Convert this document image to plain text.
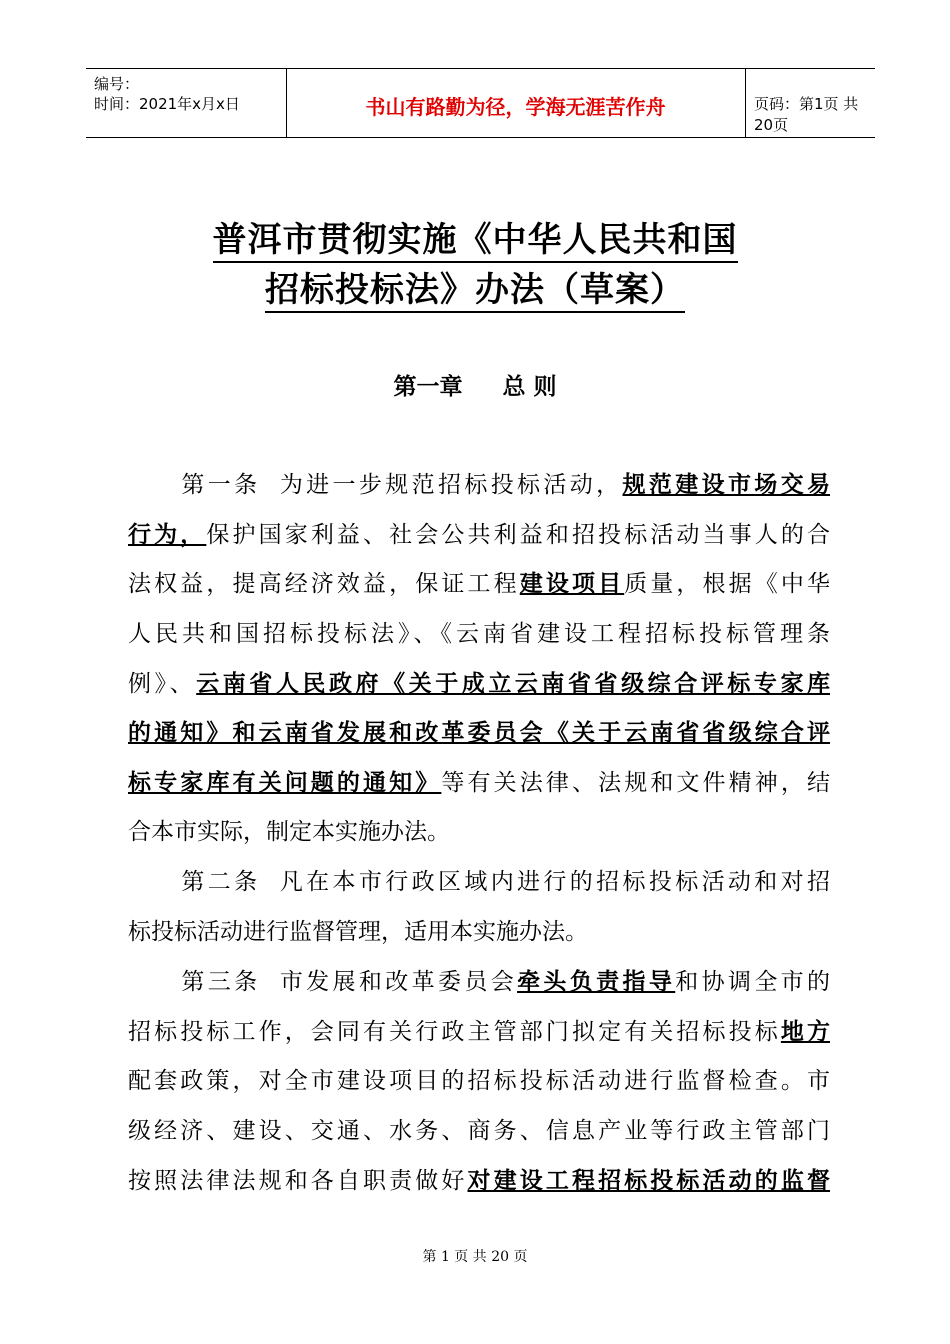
编号：
时间：2021年x月x日	书山有路勤为径，学海无涯苦作舟	页码：第1页 共20页
普洱市贯彻实施《中华人民共和国
招标投标法》办法（草案）
第一章 总 则
第一条 为进一步规范招标投标活动，规范建设市场交易
行为，保护国家利益、社会公共利益和招投标活动当事人的合
法权益，提高经济效益，保证工程建设项目质量，根据《中华
人民共和国招标投标法》、《云南省建设工程招标投标管理条
例》、云南省人民政府《关于成立云南省省级综合评标专家库
的通知》和云南省发展和改革委员会《关于云南省省级综合评
标专家库有关问题的通知》等有关法律、法规和文件精神，结
合本市实际，制定本实施办法。
第二条 凡在本市行政区域内进行的招标投标活动和对招
标投标活动进行监督管理，适用本实施办法。
第三条 市发展和改革委员会牵头负责指导和协调全市的
招标投标工作，会同有关行政主管部门拟定有关招标投标地方
配套政策，对全市建设项目的招标投标活动进行监督检查。市
级经济、建设、交通、水务、商务、信息产业等行政主管部门
按照法律法规和各自职责做好对建设工程招标投标活动的监督
第 1 页 共 20 页
